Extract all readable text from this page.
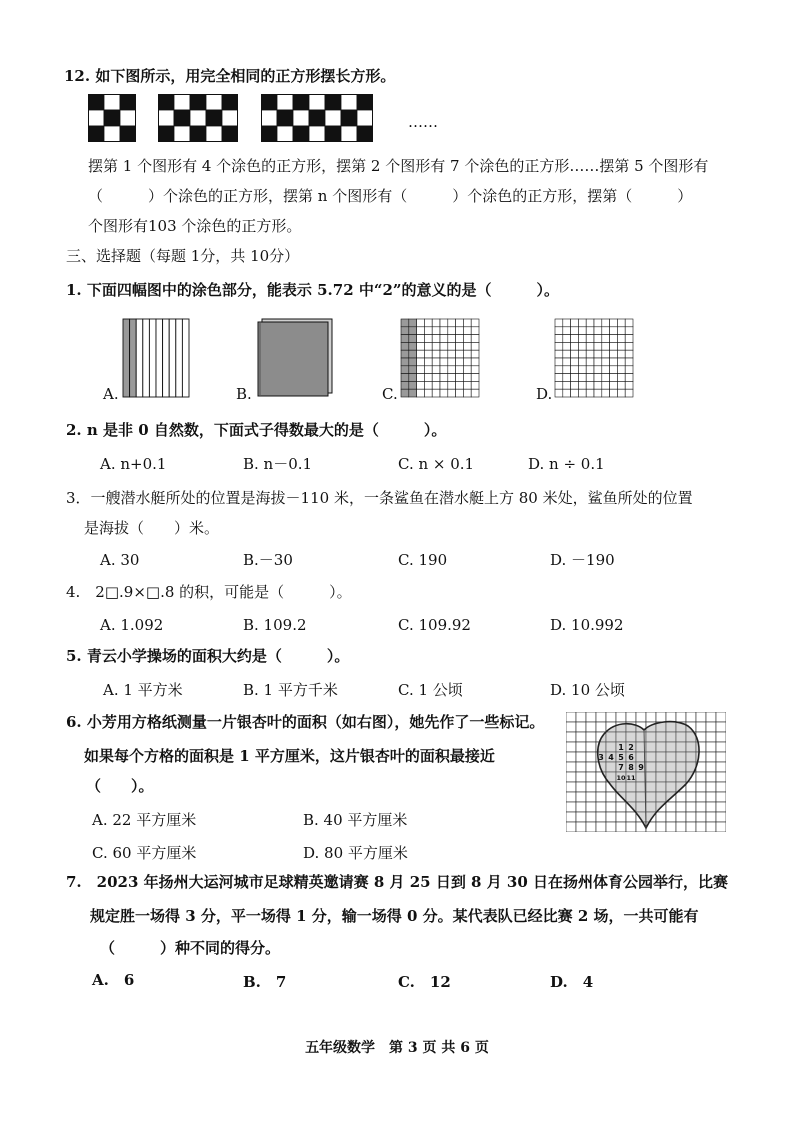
12. 如下图所示，用完全相同的正方形摆长方形。
……
摆第 1 个图形有 4 个涂色的正方形，摆第 2 个图形有 7 个涂色的正方形……摆第 5 个图形有
（　　　）个涂色的正方形，摆第 n 个图形有（　　　）个涂色的正方形，摆第（　　　）
个图形有103 个涂色的正方形。
三、选择题（每题 1分，共 10分）
1. 下面四幅图中的涂色部分，能表示 5.72 中“2”的意义的是（　　　）。
A.	B.	C.	D.
2. n 是非 0 自然数，下面式子得数最大的是（　　　）。
A. n+0.1	B. n－0.1	C. n × 0.1	D. n ÷ 0.1
3．一艘潜水艇所处的位置是海拔－110 米，一条鲨鱼在潜水艇上方 80 米处，鲨鱼所处的位置
是海拔（　　）米。
A. 30	B.－30	C. 190	D. －190
4.　2□.9×□.8 的积，可能是（　　　）。
A. 1.092	B. 109.2	C. 109.92	D. 10.992
5. 青云小学操场的面积大约是（　　　）。
A. 1 平方米	B. 1 平方千米	C. 1 公顷	D. 10 公顷
6. 小芳用方格纸测量一片银杏叶的面积（如右图），她先作了一些标记。
如果每个方格的面积是 1 平方厘米，这片银杏叶的面积最接近
（　　）。
A. 22 平方厘米	B. 40 平方厘米
C. 60 平方厘米	D. 80 平方厘米
1 2
3 4 5 6
7 8 9
10 11
7.　2023 年扬州大运河城市足球精英邀请赛 8 月 25 日到 8 月 30 日在扬州体育公园举行，比赛
规定胜一场得 3 分，平一场得 1 分，输一场得 0 分。某代表队已经比赛 2 场，一共可能有
（　　　）种不同的得分。
A.　6	B.　7	C.　12	D.　4
五年级数学　第 3 页 共 6 页
